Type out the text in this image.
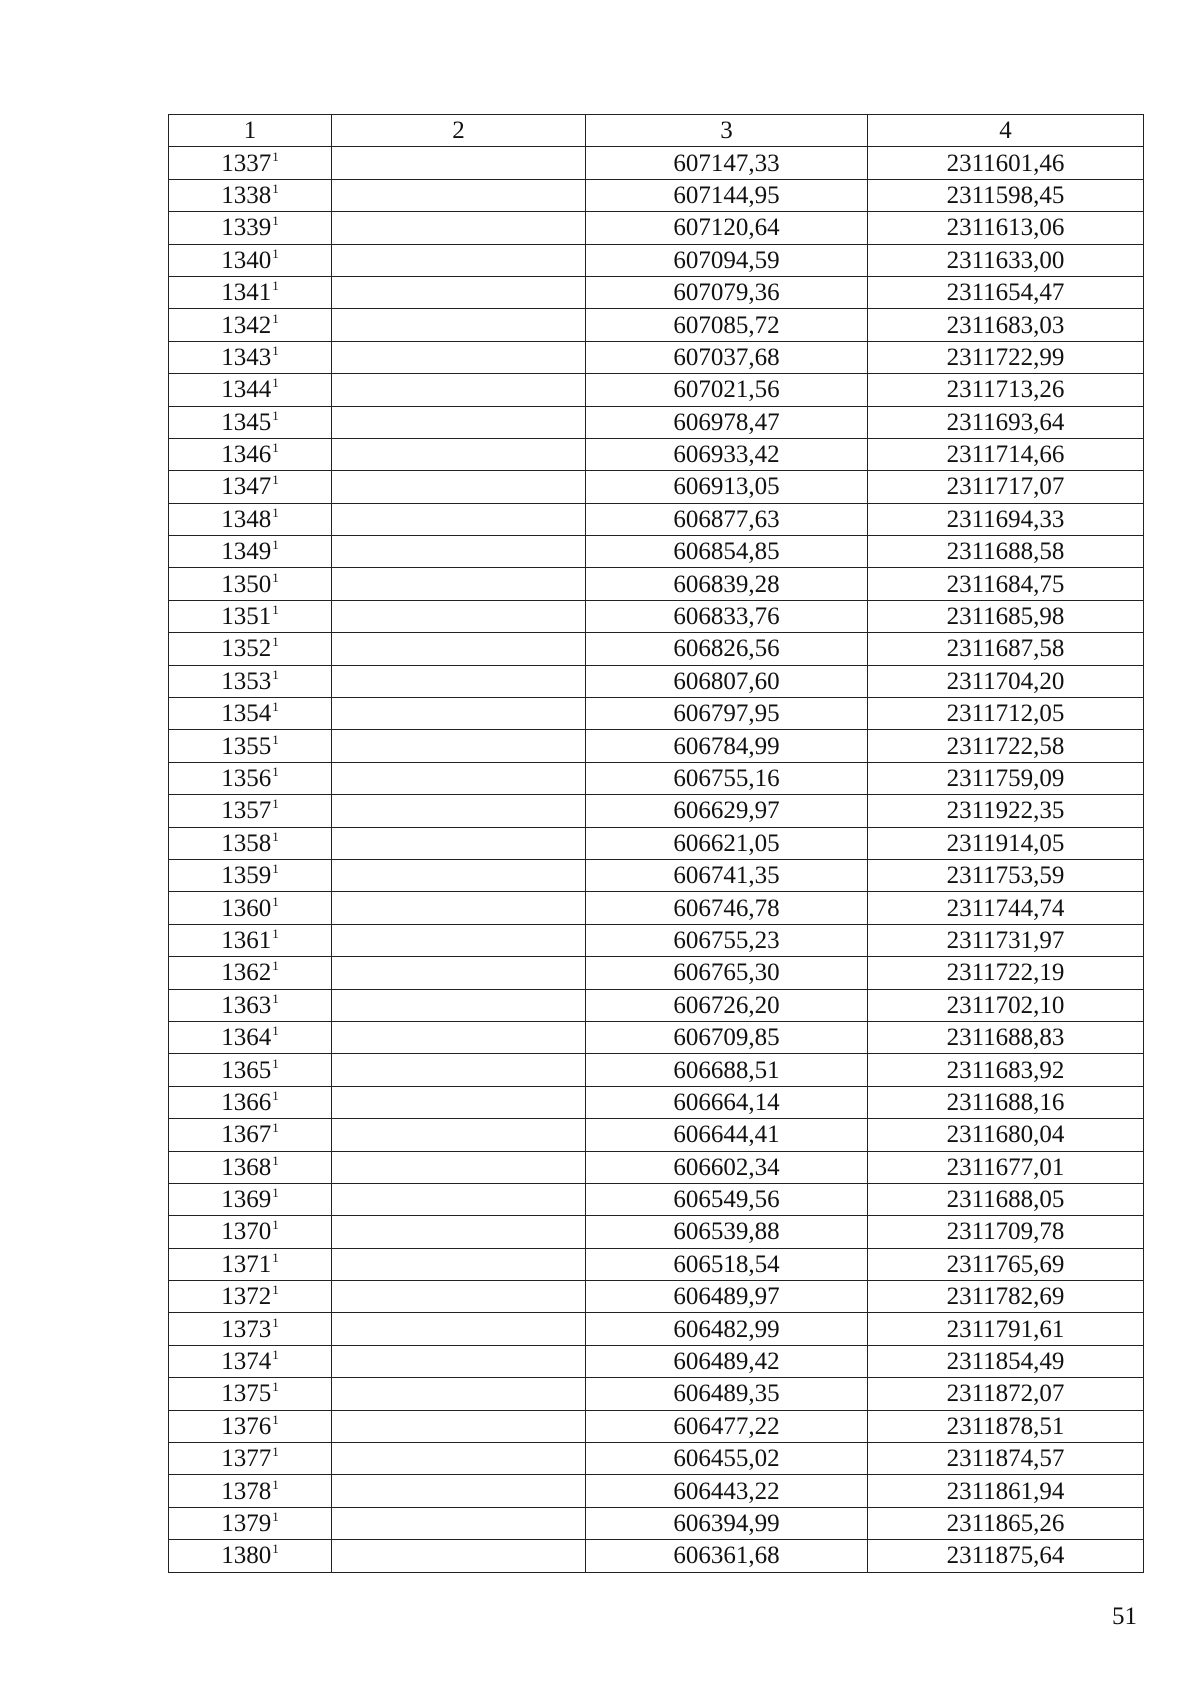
1	2	3	4
1337$^1$		607147,33	2311601,46
1338$^1$		607144,95	2311598,45
1339$^1$		607120,64	2311613,06
1340$^1$		607094,59	2311633,00
1341$^1$		607079,36	2311654,47
1342$^1$		607085,72	2311683,03
1343$^1$		607037,68	2311722,99
1344$^1$		607021,56	2311713,26
1345$^1$		606978,47	2311693,64
1346$^1$		606933,42	2311714,66
1347$^1$		606913,05	2311717,07
1348$^1$		606877,63	2311694,33
1349$^1$		606854,85	2311688,58
1350$^1$		606839,28	2311684,75
1351$^1$		606833,76	2311685,98
1352$^1$		606826,56	2311687,58
1353$^1$		606807,60	2311704,20
1354$^1$		606797,95	2311712,05
1355$^1$		606784,99	2311722,58
1356$^1$		606755,16	2311759,09
1357$^1$		606629,97	2311922,35
1358$^1$		606621,05	2311914,05
1359$^1$		606741,35	2311753,59
1360$^1$		606746,78	2311744,74
1361$^1$		606755,23	2311731,97
1362$^1$		606765,30	2311722,19
1363$^1$		606726,20	2311702,10
1364$^1$		606709,85	2311688,83
1365$^1$		606688,51	2311683,92
1366$^1$		606664,14	2311688,16
1367$^1$		606644,41	2311680,04
1368$^1$		606602,34	2311677,01
1369$^1$		606549,56	2311688,05
1370$^1$		606539,88	2311709,78
1371$^1$		606518,54	2311765,69
1372$^1$		606489,97	2311782,69
1373$^1$		606482,99	2311791,61
1374$^1$		606489,42	2311854,49
1375$^1$		606489,35	2311872,07
1376$^1$		606477,22	2311878,51
1377$^1$		606455,02	2311874,57
1378$^1$		606443,22	2311861,94
1379$^1$		606394,99	2311865,26
1380$^1$		606361,68	2311875,64
51
